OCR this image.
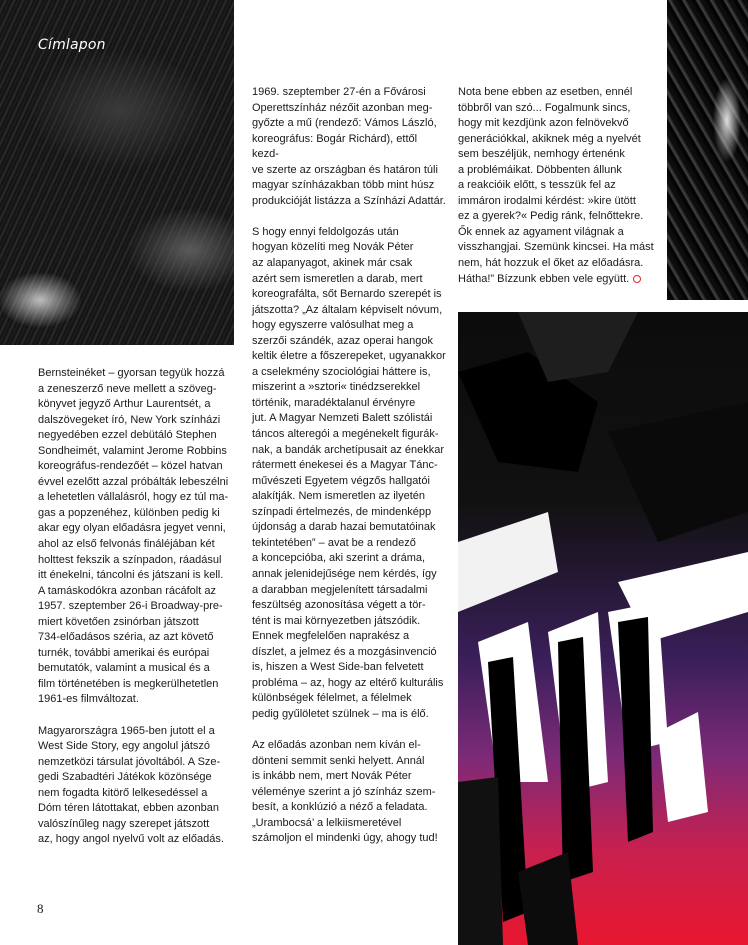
Címlapon

Bernsteinéket – gyorsan tegyük hozzá
a zeneszerző neve mellett a szöveg-
könyvet jegyző Arthur Laurentsét, a
dalszövegeket író, New York színházi
negyedében ezzel debütáló Stephen
Sondheimét, valamint Jerome Robbins
koreográfus-rendezőét – közel hatvan
évvel ezelőtt azzal próbálták lebeszélni
a lehetetlen vállalásról, hogy ez túl ma-
gas a popzenéhez, különben pedig ki
akar egy olyan előadásra jegyet venni,
ahol az első felvonás fináléjában két
holttest fekszik a színpadon, ráadásul
itt énekelni, táncolni és játszani is kell.
A tamáskodókra azonban rácáfolt az
1957. szeptember 26-i Broadway-pre-
miert követően zsinórban játszott
734-előadásos széria, az azt követő
turnék, további amerikai és európai
bemutatók, valamint a musical és a
film történetében is megkerülhetetlen
1961-es filmváltozat.

Magyarországra 1965-ben jutott el a
West Side Story, egy angolul játszó
nemzetközi társulat jóvoltából. A Sze-
gedi Szabadtéri Játékok közönsége
nem fogadta kitörő lelkesedéssel a
Dóm téren látottakat, ebben azonban
valószínűleg nagy szerepet játszott
az, hogy angol nyelvű volt az előadás.

1969. szeptember 27-én a Fővárosi
Operettszínház nézőit azonban meg-
győzte a mű (rendező: Vámos László,
koreográfus: Bogár Richárd), ettől kezd-
ve szerte az országban és határon túli
magyar színházakban több mint húsz
produkcióját listázza a Színházi Adattár.

S hogy ennyi feldolgozás után
hogyan közelíti meg Novák Péter
az alapanyagot, akinek már csak
azért sem ismeretlen a darab, mert
koreografálta, sőt Bernardo szerepét is
játszotta? „Az általam képviselt nóvum,
hogy egyszerre valósulhat meg a
szerzői szándék, azaz operai hangok
keltik életre a főszerepeket, ugyanakkor
a cselekmény szociológiai háttere is,
miszerint a »sztori« tinédzserekkel
történik, maradéktalanul érvényre
jut. A Magyar Nemzeti Balett szólistái
táncos alteregói a megénekelt figurák-
nak, a bandák archetípusait az énekkar
rátermett énekesei és a Magyar Tánc-
művészeti Egyetem végzős hallgatói
alakítják. Nem ismeretlen az ilyetén
színpadi értelmezés, de mindenképp
újdonság a darab hazai bemutatóinak
tekintetében” – avat be a rendező
a koncepcióba, aki szerint a dráma,
annak jelenidejűsége nem kérdés, így
a darabban megjelenített társadalmi
feszültség azonosítása végett a tör-
tént is mai környezetben játszódik.
Ennek megfelelően naprakész a
díszlet, a jelmez és a mozgásinvenció
is, hiszen a West Side-ban felvetett
probléma – az, hogy az eltérő kulturális
különbségek félelmet, a félelmek
pedig gyűlöletet szülnek – ma is élő.

Az előadás azonban nem kíván el-
dönteni semmit senki helyett. Annál
is inkább nem, mert Novák Péter
véleménye szerint a jó színház szem-
besít, a konklúzió a néző a feladata.
„Urambocsá’ a lelkiismeretével
számoljon el mindenki úgy, ahogy tud!

Nota bene ebben az esetben, ennél
többről van szó... Fogalmunk sincs,
hogy mit kezdjünk azon felnövekvő
generációkkal, akiknek még a nyelvét
sem beszéljük, nemhogy értenénk
a problémáikat. Döbbenten állunk
a reakcióik előtt, s tesszük fel az
immáron irodalmi kérdést: »kire ütött
ez a gyerek?« Pedig ránk, felnőttekre.
Ők ennek az agyament világnak a
visszhangjai. Szemünk kincsei. Ha mást
nem, hát hozzuk el őket az előadásra.
Hátha!” Bízzunk ebben vele együtt.

8
